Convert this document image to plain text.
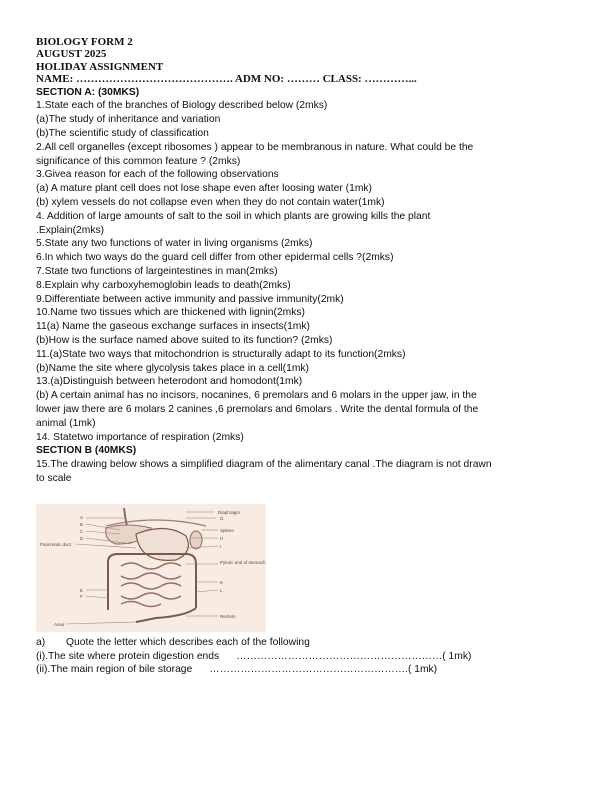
BIOLOGY FORM 2
AUGUST 2025
HOLIDAY ASSIGNMENT
NAME: ……………………………………. ADM NO: ……… CLASS: …………...
SECTION A: (30MKS)
1.State each of the branches of Biology described below (2mks)
(a)The study of inheritance and variation
(b)The scientific study of classification
2.All cell organelles (except ribosomes ) appear to be membranous in nature. What could be the
significance of this common feature ? (2mks)
3.Givea reason for each of the following observations
(a) A mature plant cell does not lose shape even after loosing water (1mk)
(b) xylem vessels do not collapse even when they do not contain water(1mk)
4. Addition of large amounts of salt to the soil in which plants are growing kills the plant
.Explain(2mks)
5.State any two functions of water in living organisms (2mks)
6.In which two ways do the guard cell differ from other epidermal cells ?(2mks)
7.State two functions of largeintestines in man(2mks)
8.Explain why carboxyhemoglobin leads to death(2mks)
9.Differentiate between active immunity and passive immunity(2mk)
10.Name two tissues which are thickened with lignin(2mks)
11(a) Name the gaseous exchange surfaces in insects(1mk)
(b)How is the surface named above suited to its function? (2mks)
11.(a)State two ways that mitochondrion is structurally adapt to its function(2mks)
(b)Name the site where glycolysis takes place in a cell(1mk)
13.(a)Distinguish between heterodont and homodont(1mk)
(b) A certain animal has no incisors, nocanines, 6 premolars and 6 molars in the upper jaw, in the
lower jaw there are 6 molars 2 canines ,6 premolars and 6molars . Write the dental formula of the
animal (1mk)
14. Statetwo importance of respiration (2mks)
SECTION B (40MKS)
15.The drawing below shows a simplified diagram of the alimentary canal .The diagram is not drawn
to scale
A
B
C
D
Pancreatic duct
E
F
Anus
Diaphragm
G
Spleen
H
I
Pyloric end of stomach
K
L
Rectum
a)	Quote the letter which describes each of the following
(i).The site where protein digestion ends ……………………………………………………( 1mk)
(ii).The main region of bile storage ………………………………………………….( 1mk)
